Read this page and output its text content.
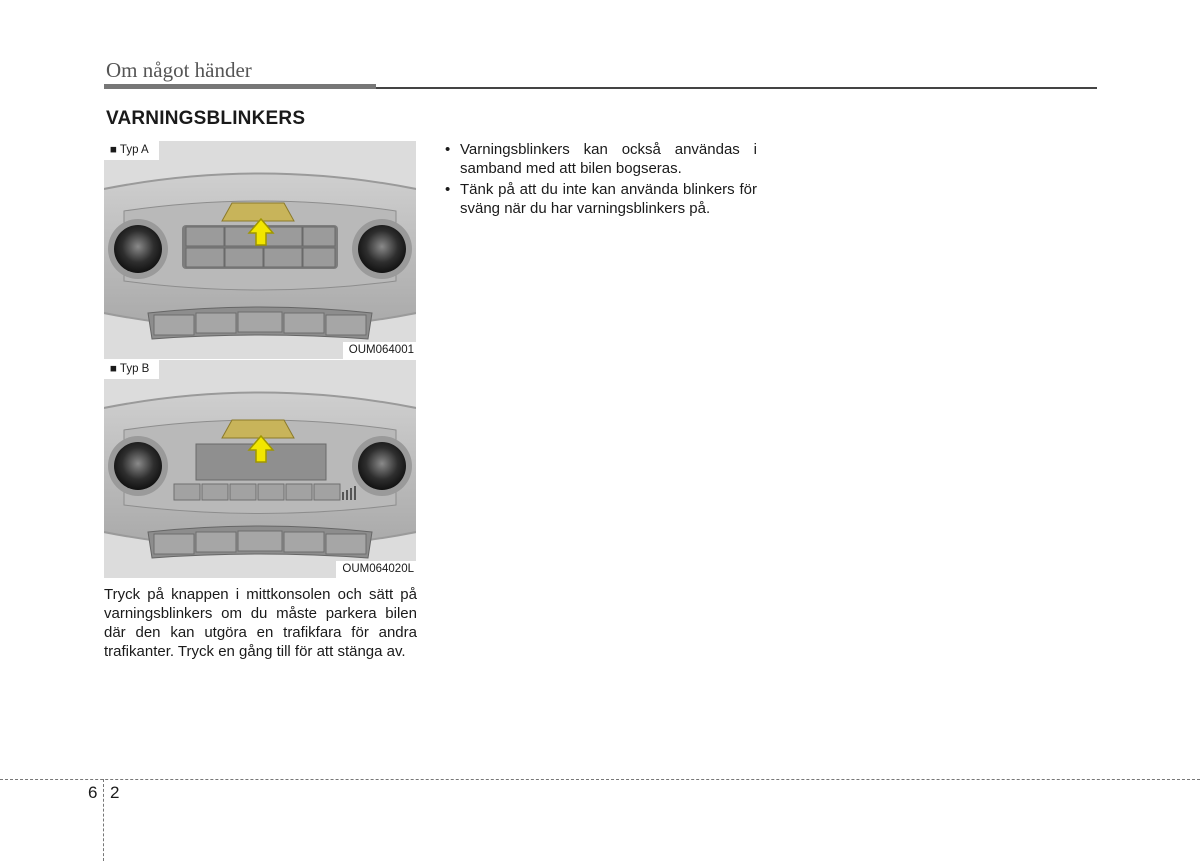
Om något händer
VARNINGSBLINKERS
■ Typ A
OUM064001
■ Typ B
OUM064020L

Tryck på knappen i mittkonsolen och sätt på varningsblinkers om du måste parkera bilen där den kan utgöra en trafikfara för andra trafikanter. Tryck en gång till för att stänga av.

• Varningsblinkers kan också användas i samband med att bilen bogseras.
• Tänk på att du inte kan använda blinkers för sväng när du har varningsblinkers på.
6 2
